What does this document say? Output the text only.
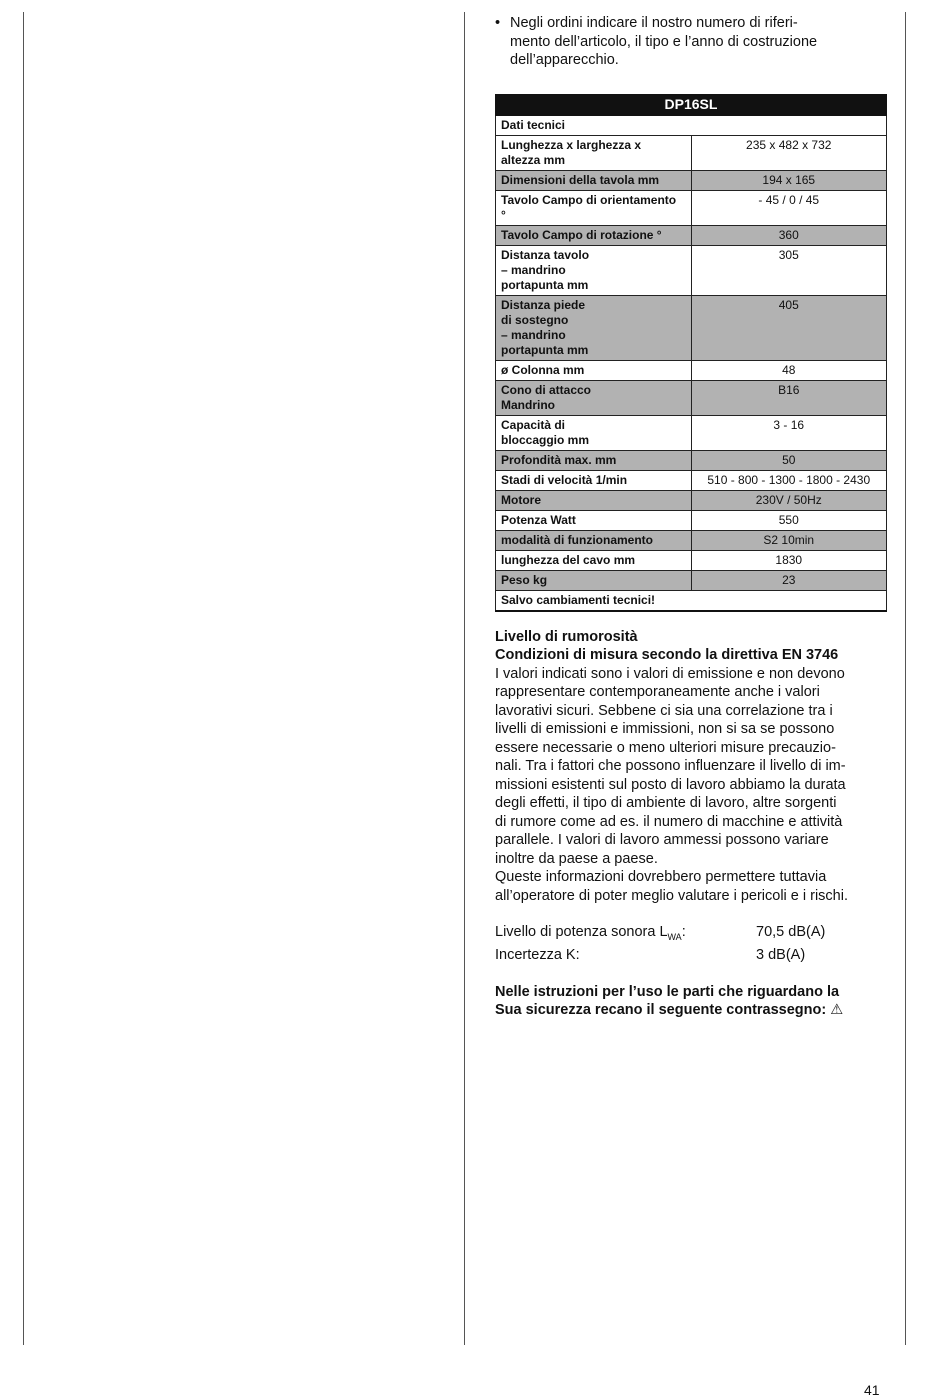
• Negli ordini indicare il nostro numero di riferi-
mento dell’articolo, il tipo e l’anno di costruzione
dell’apparecchio.
DP16SL	
Dati tecnici	
Lunghezza x larghezza x
altezza mm	235 x 482 x 732
Dimensioni della tavola mm	194 x 165
Tavolo Campo di orientamento
°	- 45 / 0 / 45
Tavolo Campo di rotazione °	360
Distanza tavolo
– mandrino
portapunta mm	305
Distanza piede
di sostegno
– mandrino
portapunta mm	405
ø Colonna mm	48
Cono di attacco
Mandrino	B16
Capacità di
bloccaggio mm	3 - 16
Profondità max. mm	50
Stadi di velocità 1/min	510 - 800 - 1300 - 1800 - 2430
Motore	230V / 50Hz
Potenza Watt	550
modalità di funzionamento	S2 10min
lunghezza del cavo mm	1830
Peso kg	23
Salvo cambiamenti tecnici!	
Livello di rumorosità
Condizioni di misura secondo la direttiva EN 3746
I valori indicati sono i valori di emissione e non devono
rappresentare contemporaneamente anche i valori
lavorativi sicuri. Sebbene ci sia una correlazione tra i
livelli di emissioni e immissioni, non si sa se possono
essere necessarie o meno ulteriori misure precauzio-
nali. Tra i fattori che possono influenzare il livello di im-
missioni esistenti sul posto di lavoro abbiamo la durata
degli effetti, il tipo di ambiente di lavoro, altre sorgenti
di rumore come ad es. il numero di macchine e attività
parallele. I valori di lavoro ammessi possono variare
inoltre da paese a paese.
Queste informazioni dovrebbero permettere tuttavia
all’operatore di poter meglio valutare i pericoli e i rischi.
Livello di potenza sonora $L_{WA}$:	70,5 dB(A)
Incertezza K:	3 dB(A)
Nelle istruzioni per l’uso le parti che riguardano la
Sua sicurezza recano il seguente contrassegno: ⚠
41
